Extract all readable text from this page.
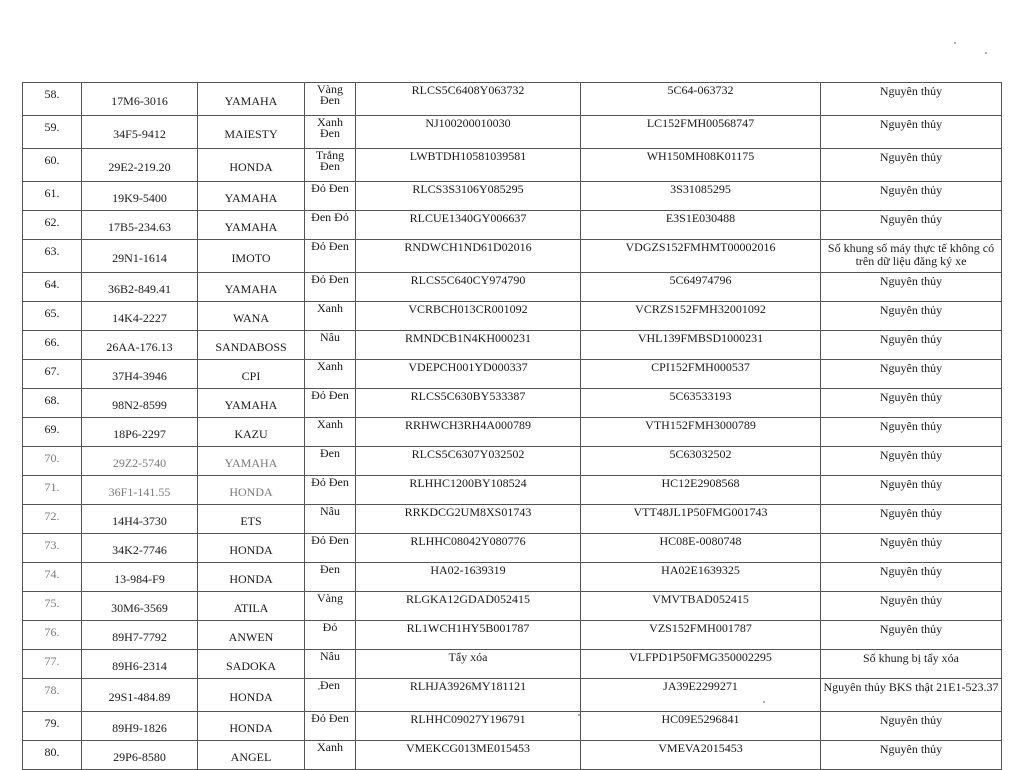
58.	17M6-3016	YAMAHA	Vàng Đen	RLCS5C6408Y063732	5C64-063732	Nguyên thủy
59.	34F5-9412	MAIESTY	Xanh Đen	NJ100200010030	LC152FMH00568747	Nguyên thủy
60.	29E2-219.20	HONDA	Trắng Đen	LWBTDH10581039581	WH150MH08K01175	Nguyên thủy
61.	19K9-5400	YAMAHA	Đỏ Đen	RLCS3S3106Y085295	3S31085295	Nguyên thủy
62.	17B5-234.63	YAMAHA	Đen Đỏ	RLCUE1340GY006637	E3S1E030488	Nguyên thủy
63.	29N1-1614	IMOTO	Đỏ Đen	RNDWCH1ND61D02016	VDGZS152FMHMT00002016	Số khung số máy thực tế không có trên dữ liệu đăng ký xe
64.	36B2-849.41	YAMAHA	Đỏ Đen	RLCS5C640CY974790	5C64974796	Nguyên thủy
65.	14K4-2227	WANA	Xanh	VCRBCH013CR001092	VCRZS152FMH32001092	Nguyên thủy
66.	26AA-176.13	SANDABOSS	Nâu	RMNDCB1N4KH000231	VHL139FMBSD1000231	Nguyên thủy
67.	37H4-3946	CPI	Xanh	VDEPCH001YD000337	CPI152FMH000537	Nguyên thủy
68.	98N2-8599	YAMAHA	Đỏ Đen	RLCS5C630BY533387	5C63533193	Nguyên thủy
69.	18P6-2297	KAZU	Xanh	RRHWCH3RH4A000789	VTH152FMH3000789	Nguyên thủy
70.	29Z2-5740	YAMAHA	Đen	RLCS5C6307Y032502	5C63032502	Nguyên thủy
71.	36F1-141.55	HONDA	Đỏ Đen	RLHHC1200BY108524	HC12E2908568	Nguyên thủy
72.	14H4-3730	ETS	Nâu	RRKDCG2UM8XS01743	VTT48JL1P50FMG001743	Nguyên thủy
73.	34K2-7746	HONDA	Đỏ Đen	RLHHC08042Y080776	HC08E-0080748	Nguyên thủy
74.	13-984-F9	HONDA	Đen	HA02-1639319	HA02E1639325	Nguyên thủy
75.	30M6-3569	ATILA	Vàng	RLGKA12GDAD052415	VMVTBAD052415	Nguyên thủy
76.	89H7-7792	ANWEN	Đỏ	RL1WCH1HY5B001787	VZS152FMH001787	Nguyên thủy
77.	89H6-2314	SADOKA	Nâu	Tẩy xóa	VLFPD1P50FMG350002295	Số khung bị tẩy xóa
78.	29S1-484.89	HONDA	Đen	RLHJA3926MY181121	JA39E2299271	Nguyên thủy BKS thật 21E1-523.37
79.	89H9-1826	HONDA	Đỏ Đen	RLHHC09027Y196791	HC09E5296841	Nguyên thủy
80.	29P6-8580	ANGEL	Xanh	VMEKCG013ME015453	VMEVA2015453	Nguyên thủy
